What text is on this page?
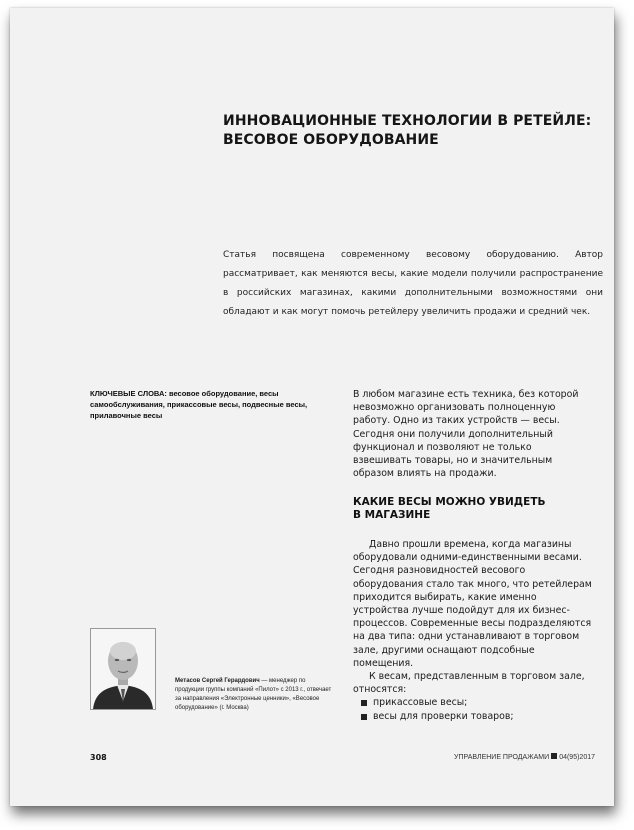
ИННОВАЦИОННЫЕ ТЕХНОЛОГИИ В РЕТЕЙЛЕ:
ВЕСОВОЕ ОБОРУДОВАНИЕ
Статья посвящена современному весовому оборудованию. Автор рассматривает, как меняются весы, какие модели получили распространение в российских магазинах, какими дополнительными возможностями они обладают и как могут помочь ретейлеру увеличить продажи и средний чек.
КЛЮЧЕВЫЕ СЛОВА: весовое оборудование, весы самообслуживания, прикассовые весы, подвесные весы, прилавочные весы
В любом магазине есть техника, без которой невозможно организовать полноценную работу. Одно из таких устройств — весы. Сегодня они получили дополнительный функционал и позволяют не только взвешивать товары, но и значительным образом влиять на продажи.
КАКИЕ ВЕСЫ МОЖНО УВИДЕТЬ
В МАГАЗИНЕ

Давно прошли времена, когда магазины оборудовали одними-единственными весами. Сегодня разновидностей весового оборудования стало так много, что ретейлерам приходится выбирать, какие именно устройства лучше подойдут для их бизнес-процессов. Современные весы подразделяются на два типа: одни устанавливают в торговом зале, другими оснащают подсобные помещения.

К весам, представленным в торговом зале, относятся:

прикассовые весы;
весы для проверки товаров;
Метасов Сергей Герардович — менеджер по продукции группы компаний «Пилот» с 2013 г., отвечает за направления «Электронные ценники», «Весовое оборудование» (г. Москва)
308	УПРАВЛЕНИЕ ПРОДАЖАМИ 04(95)2017
